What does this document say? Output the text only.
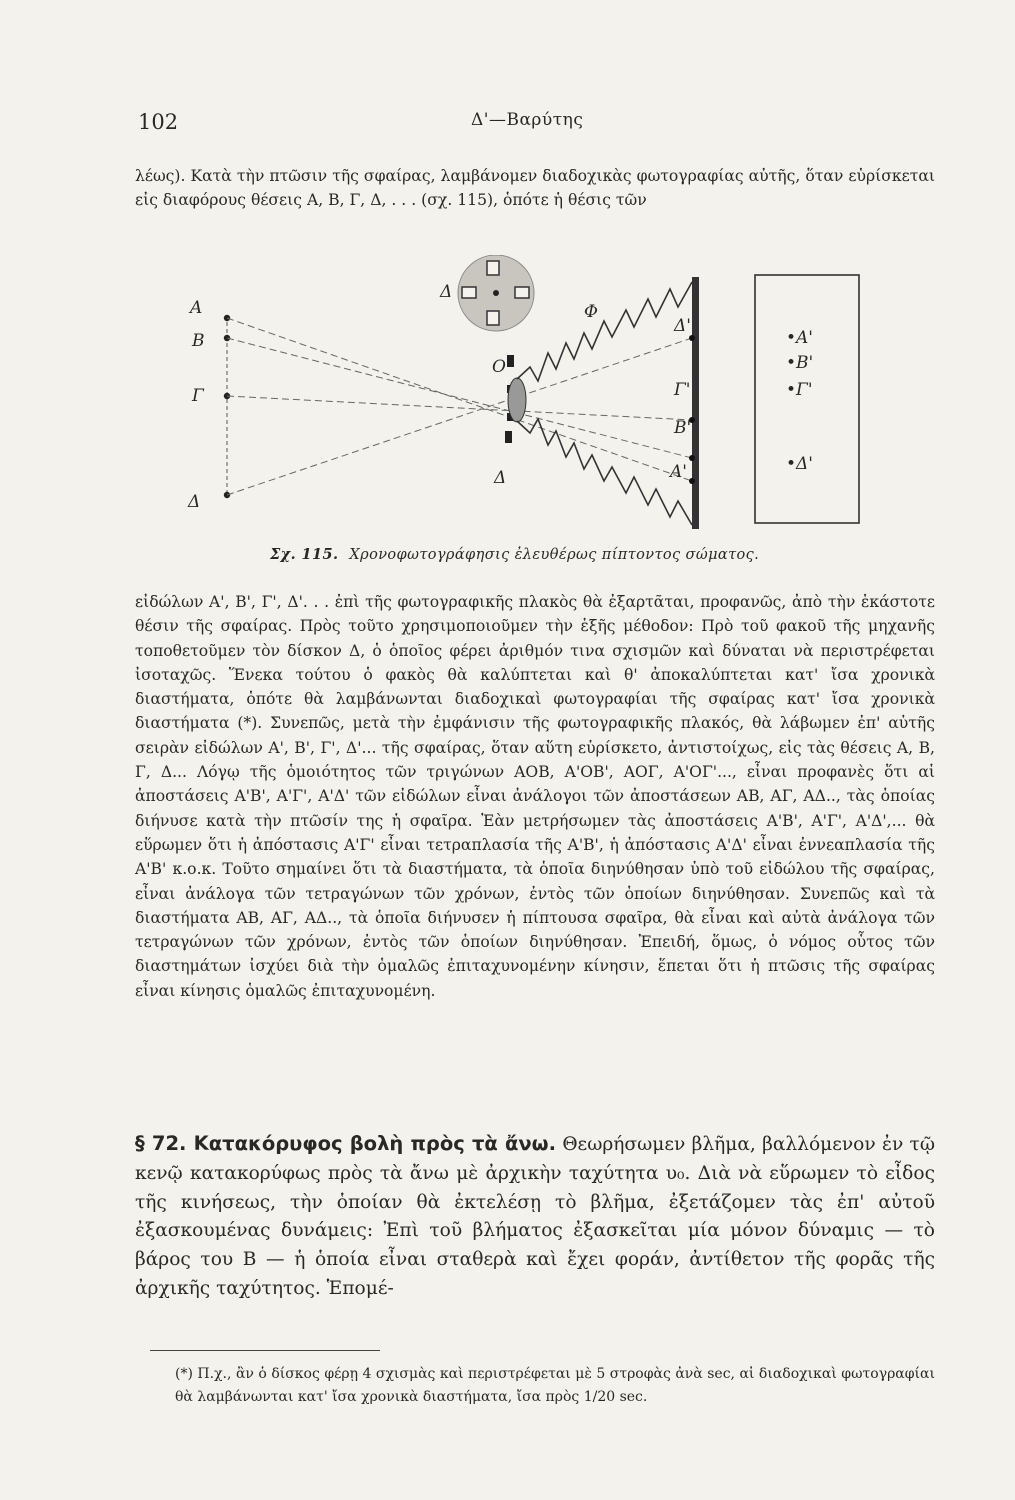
102	Δ'—Βαρύτης

λέως). Κατὰ τὴν πτῶσιν τῆς σφαίρας, λαμβάνομεν διαδοχικὰς φωτογραφίας αὐτῆς, ὅταν εὑρίσκεται εἰς διαφόρους θέσεις Α, Β, Γ, Δ, . . . (σχ. 115), ὁπότε ἡ θέσις τῶν

Α
Β
Γ
Δ
Δ
Ο
Δ
Φ
Δ'
Γ'
Β'
Α'
•Α'
•Β'
•Γ'
•Δ'
Σχ. 115. Χρονοφωτογράφησις ἐλευθέρως πίπτοντος σώματος.

εἰδώλων Α', Β', Γ', Δ'. . . ἐπὶ τῆς φωτογραφικῆς πλακὸς θὰ ἐξαρτᾶται, προφανῶς, ἀπὸ τὴν ἑκάστοτε θέσιν τῆς σφαίρας. Πρὸς τοῦτο χρησιμοποιοῦμεν τὴν ἑξῆς μέθοδον: Πρὸ τοῦ φακοῦ τῆς μηχανῆς τοποθετοῦμεν τὸν δίσκον Δ, ὁ ὁποῖος φέρει ἀριθμόν τινα σχισμῶν καὶ δύναται νὰ περιστρέφεται ἰσοταχῶς. Ἕνεκα τούτου ὁ φακὸς θὰ καλύπτεται καὶ θ' ἀποκαλύπτεται κατ' ἴσα χρονικὰ διαστήματα, ὁπότε θὰ λαμβάνωνται διαδοχικαὶ φωτογραφίαι τῆς σφαίρας κατ' ἴσα χρονικὰ διαστήματα (*). Συνεπῶς, μετὰ τὴν ἐμφάνισιν τῆς φωτογραφικῆς πλακός, θὰ λάβωμεν ἐπ' αὐτῆς σειρὰν εἰδώλων Α', Β', Γ', Δ'... τῆς σφαίρας, ὅταν αὕτη εὑρίσκετο, ἀντιστοίχως, εἰς τὰς θέσεις Α, Β, Γ, Δ... Λόγῳ τῆς ὁμοιότητος τῶν τριγώνων ΑΟΒ, Α'ΟΒ', ΑΟΓ, Α'ΟΓ'..., εἶναι προφανὲς ὅτι αἱ ἀποστάσεις Α'Β', Α'Γ', Α'Δ' τῶν εἰδώλων εἶναι ἀνάλογοι τῶν ἀποστάσεων ΑΒ, ΑΓ, ΑΔ.., τὰς ὁποίας διήνυσε κατὰ τὴν πτῶσίν της ἡ σφαῖρα. Ἐὰν μετρήσωμεν τὰς ἀποστάσεις Α'Β', Α'Γ', Α'Δ',... θὰ εὕρωμεν ὅτι ἡ ἀπόστασις Α'Γ' εἶναι τετραπλασία τῆς Α'Β', ἡ ἀπόστασις Α'Δ' εἶναι ἐννεαπλασία τῆς Α'Β' κ.ο.κ. Τοῦτο σημαίνει ὅτι τὰ διαστήματα, τὰ ὁποῖα διηνύθησαν ὑπὸ τοῦ εἰδώλου τῆς σφαίρας, εἶναι ἀνάλογα τῶν τετραγώνων τῶν χρόνων, ἐντὸς τῶν ὁποίων διηνύθησαν. Συνεπῶς καὶ τὰ διαστήματα ΑΒ, ΑΓ, ΑΔ.., τὰ ὁποῖα διήνυσεν ἡ πίπτουσα σφαῖρα, θὰ εἶναι καὶ αὐτὰ ἀνάλογα τῶν τετραγώνων τῶν χρόνων, ἐντὸς τῶν ὁποίων διηνύθησαν. Ἐπειδή, ὅμως, ὁ νόμος οὗτος τῶν διαστημάτων ἰσχύει διὰ τὴν ὁμαλῶς ἐπιταχυνομένην κίνησιν, ἕπεται ὅτι ἡ πτῶσις τῆς σφαίρας εἶναι κίνησις ὁμαλῶς ἐπιταχυνομένη.

§ 72. Κατακόρυφος βολὴ πρὸς τὰ ἄνω. Θεωρήσωμεν βλῆμα, βαλλόμενον ἐν τῷ κενῷ κατακορύφως πρὸς τὰ ἄνω μὲ ἀρχικὴν ταχύτητα υ₀. Διὰ νὰ εὕρωμεν τὸ εἶδος τῆς κινήσεως, τὴν ὁποίαν θὰ ἐκτελέσῃ τὸ βλῆμα, ἐξετάζομεν τὰς ἐπ' αὐτοῦ ἐξασκουμένας δυνάμεις: Ἐπὶ τοῦ βλήματος ἐξασκεῖται μία μόνον δύναμις — τὸ βάρος του Β — ἡ ὁποία εἶναι σταθερὰ καὶ ἔχει φοράν, ἀντίθετον τῆς φορᾶς τῆς ἀρχικῆς ταχύτητος. Ἑπομέ-

(*) Π.χ., ἂν ὁ δίσκος φέρῃ 4 σχισμὰς καὶ περιστρέφεται μὲ 5 στροφὰς ἀνὰ sec, αἱ διαδοχικαὶ φωτογραφίαι θὰ λαμβάνωνται κατ' ἴσα χρονικὰ διαστήματα, ἴσα πρὸς 1/20 sec.
